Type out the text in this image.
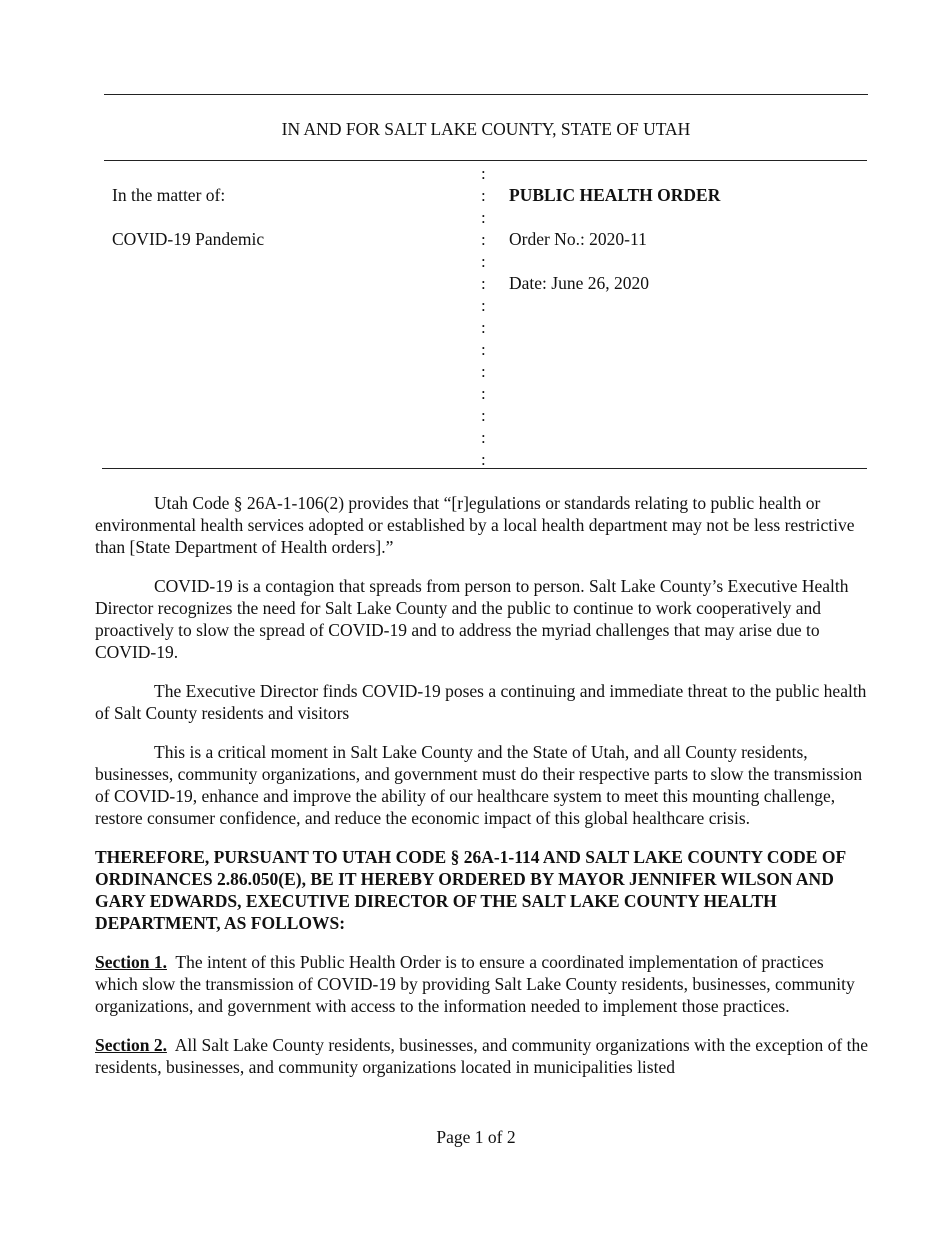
IN AND FOR SALT LAKE COUNTY, STATE OF UTAH
In the matter of:
COVID-19 Pandemic
:
:
:
:
:
:
:
:
:
:
:
:
:
:
PUBLIC HEALTH ORDER
Order No.: 2020-11
Date: June 26, 2020

Utah Code § 26A-1-106(2) provides that “[r]egulations or standards relating to public health or environmental health services adopted or established by a local health department may not be less restrictive than [State Department of Health orders].”

COVID-19 is a contagion that spreads from person to person. Salt Lake County’s Executive Health Director recognizes the need for Salt Lake County and the public to continue to work cooperatively and proactively to slow the spread of COVID-19 and to address the myriad challenges that may arise due to COVID-19.

The Executive Director finds COVID-19 poses a continuing and immediate threat to the public health of Salt County residents and visitors

This is a critical moment in Salt Lake County and the State of Utah, and all County residents, businesses, community organizations, and government must do their respective parts to slow the transmission of COVID-19, enhance and improve the ability of our healthcare system to meet this mounting challenge, restore consumer confidence, and reduce the economic impact of this global healthcare crisis.

THEREFORE, PURSUANT TO UTAH CODE § 26A-1-114 AND SALT LAKE COUNTY CODE OF ORDINANCES 2.86.050(E), BE IT HEREBY ORDERED BY MAYOR JENNIFER WILSON AND GARY EDWARDS, EXECUTIVE DIRECTOR OF THE SALT LAKE COUNTY HEALTH DEPARTMENT, AS FOLLOWS:

Section 1. The intent of this Public Health Order is to ensure a coordinated implementation of practices which slow the transmission of COVID-19 by providing Salt Lake County residents, businesses, community organizations, and government with access to the information needed to implement those practices.

Section 2. All Salt Lake County residents, businesses, and community organizations with the exception of the residents, businesses, and community organizations located in municipalities listed

Page 1 of 2
